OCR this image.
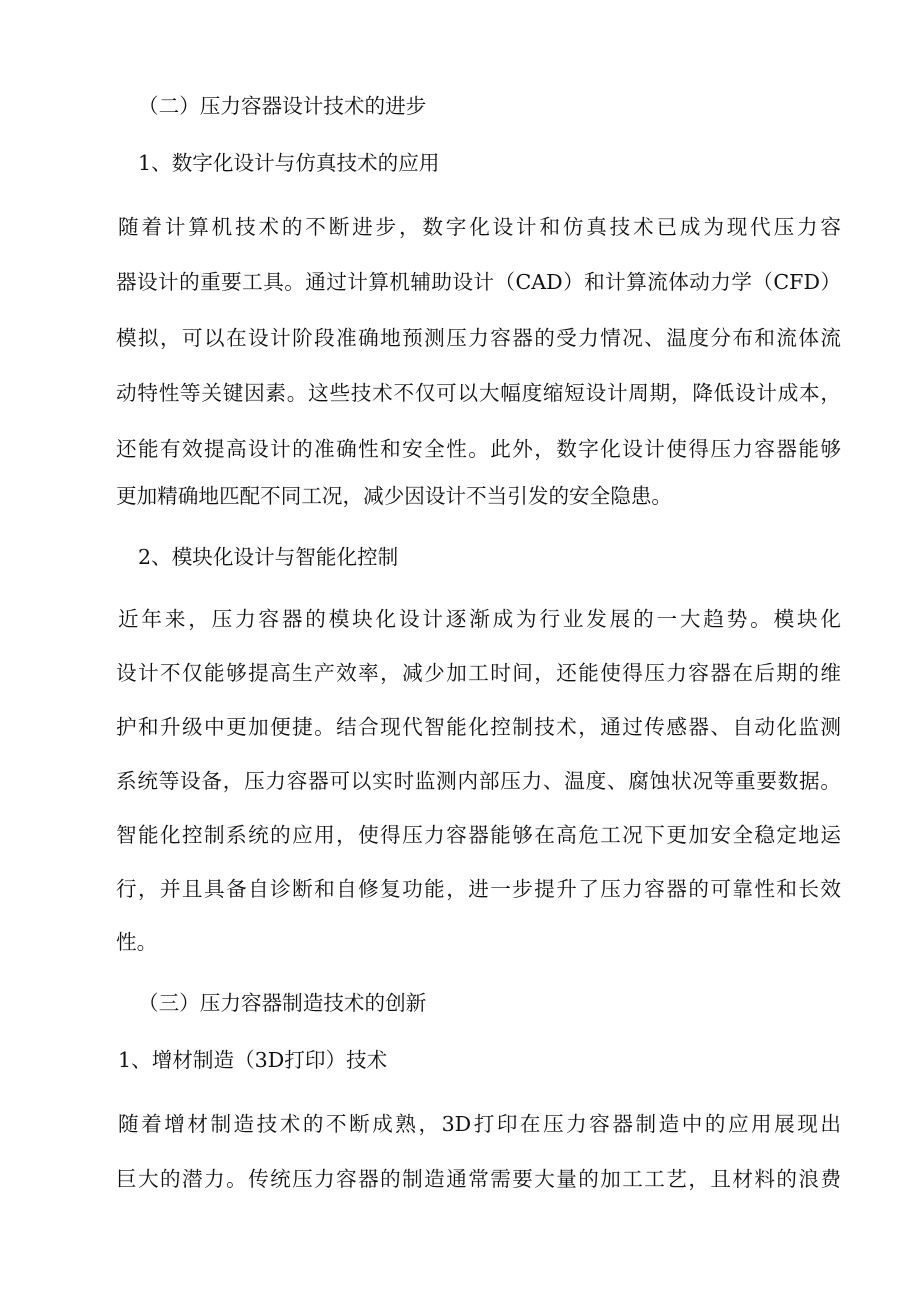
（二）压力容器设计技术的进步
1、数字化设计与仿真技术的应用
随着计算机技术的不断进步，数字化设计和仿真技术已成为现代压力容
器设计的重要工具。通过计算机辅助设计（CAD）和计算流体动力学（CFD）
模拟，可以在设计阶段准确地预测压力容器的受力情况、温度分布和流体流
动特性等关键因素。这些技术不仅可以大幅度缩短设计周期，降低设计成本，
还能有效提高设计的准确性和安全性。此外，数字化设计使得压力容器能够
更加精确地匹配不同工况，减少因设计不当引发的安全隐患。
2、模块化设计与智能化控制
近年来，压力容器的模块化设计逐渐成为行业发展的一大趋势。模块化
设计不仅能够提高生产效率，减少加工时间，还能使得压力容器在后期的维
护和升级中更加便捷。结合现代智能化控制技术，通过传感器、自动化监测
系统等设备，压力容器可以实时监测内部压力、温度、腐蚀状况等重要数据。
智能化控制系统的应用，使得压力容器能够在高危工况下更加安全稳定地运
行，并且具备自诊断和自修复功能，进一步提升了压力容器的可靠性和长效
性。
（三）压力容器制造技术的创新
1、增材制造（3D打印）技术
随着增材制造技术的不断成熟，3D打印在压力容器制造中的应用展现出
巨大的潜力。传统压力容器的制造通常需要大量的加工工艺，且材料的浪费
